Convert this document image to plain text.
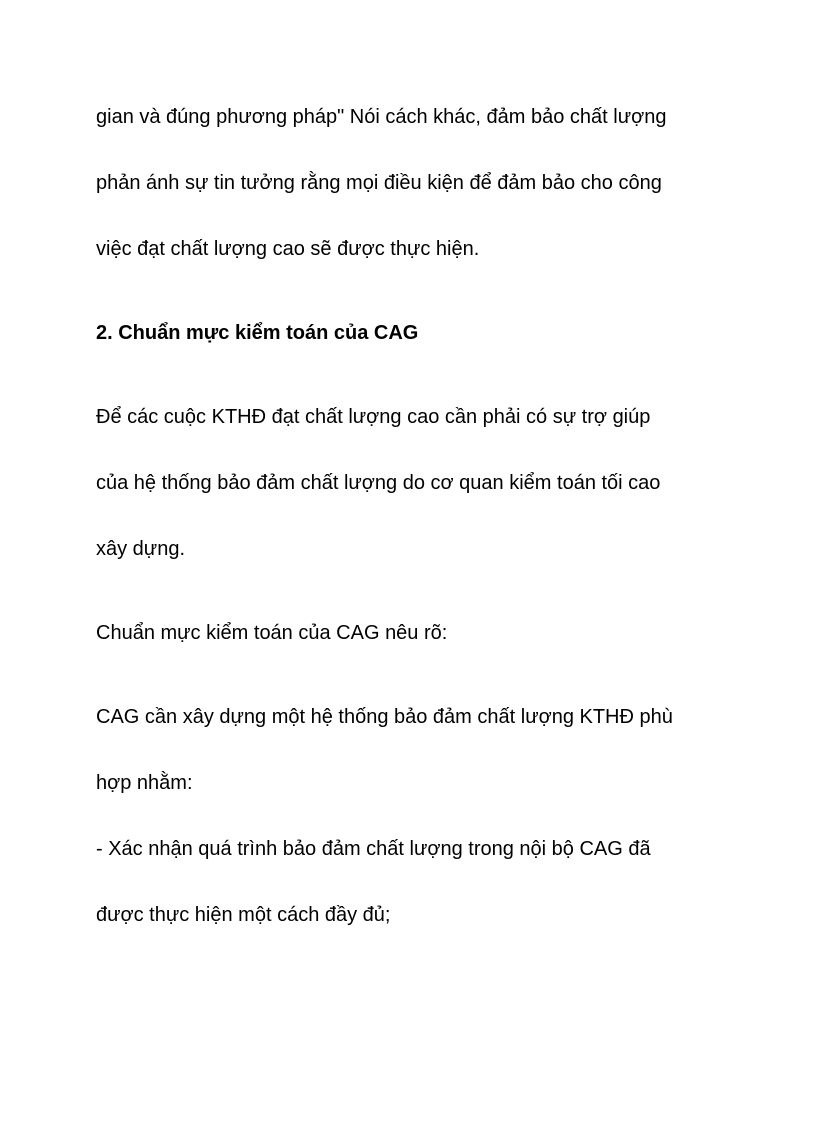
gian và đúng phương pháp" Nói cách khác, đảm bảo chất lượng

phản ánh sự tin tưởng rằng mọi điều kiện để đảm bảo cho công

việc đạt chất lượng cao sẽ được thực hiện.

2. Chuẩn mực kiểm toán của CAG

Để các cuộc KTHĐ đạt chất lượng cao cần phải có sự trợ giúp

của hệ thống bảo đảm chất lượng do cơ quan kiểm toán tối cao

xây dựng.

Chuẩn mực kiểm toán của CAG nêu rõ:

CAG cần xây dựng một hệ thống bảo đảm chất lượng KTHĐ phù

hợp nhằm:

- Xác nhận quá trình bảo đảm chất lượng trong nội bộ CAG đã

được thực hiện một cách đầy đủ;
